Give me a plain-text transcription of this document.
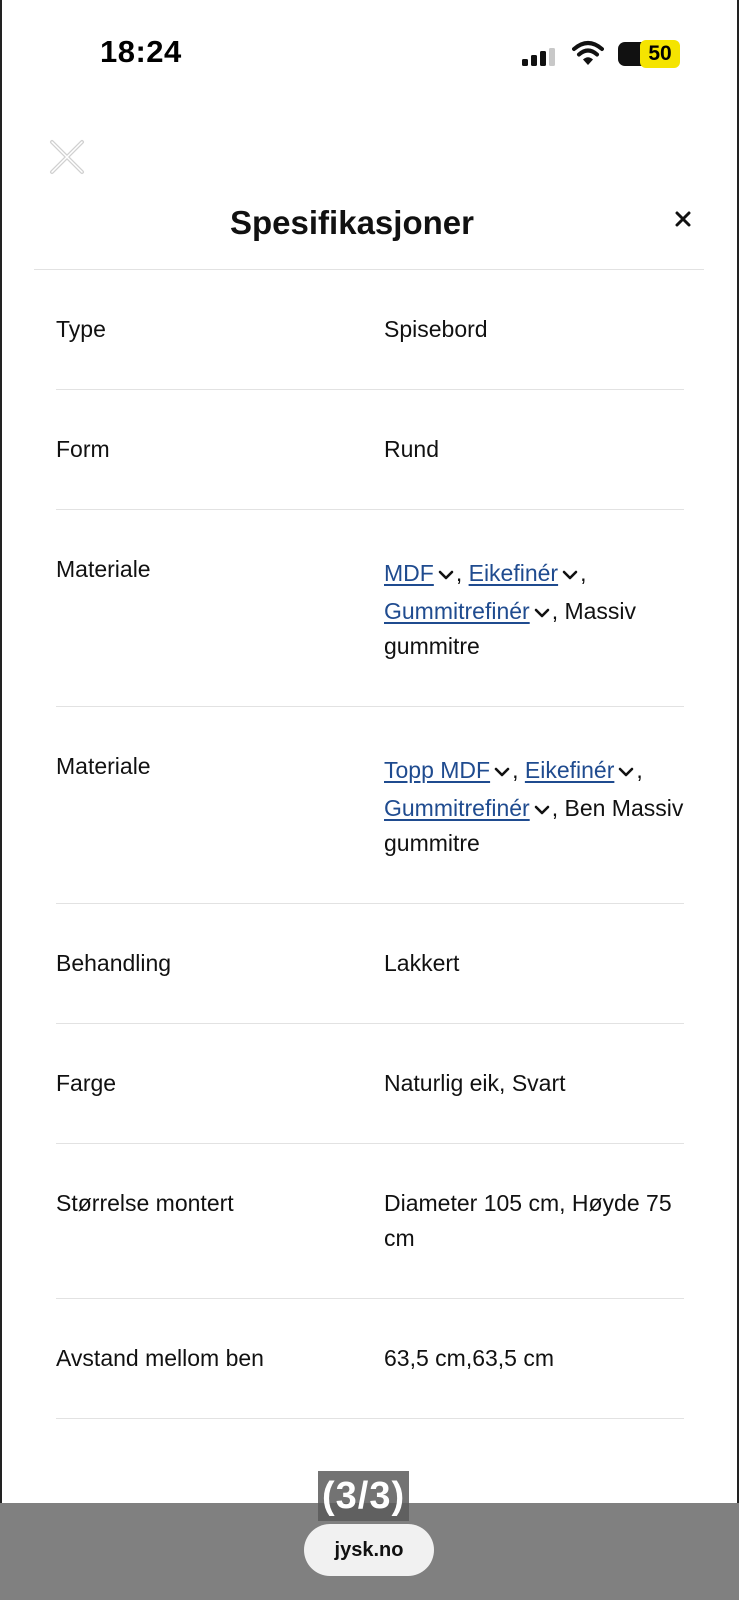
18:24	50
Spesifikasjoner
Type	Spisebord
Form	Rund
Materiale	MDF , Eikefinér ,
Gummitrefinér , Massiv gummitre
Materiale	Topp MDF , Eikefinér ,
Gummitrefinér , Ben Massiv gummitre
Behandling	Lakkert
Farge	Naturlig eik, Svart
Størrelse montert	Diameter 105 cm, Høyde 75 cm
Avstand mellom ben	63,5 cm,63,5 cm
(3/3)
jysk.no
